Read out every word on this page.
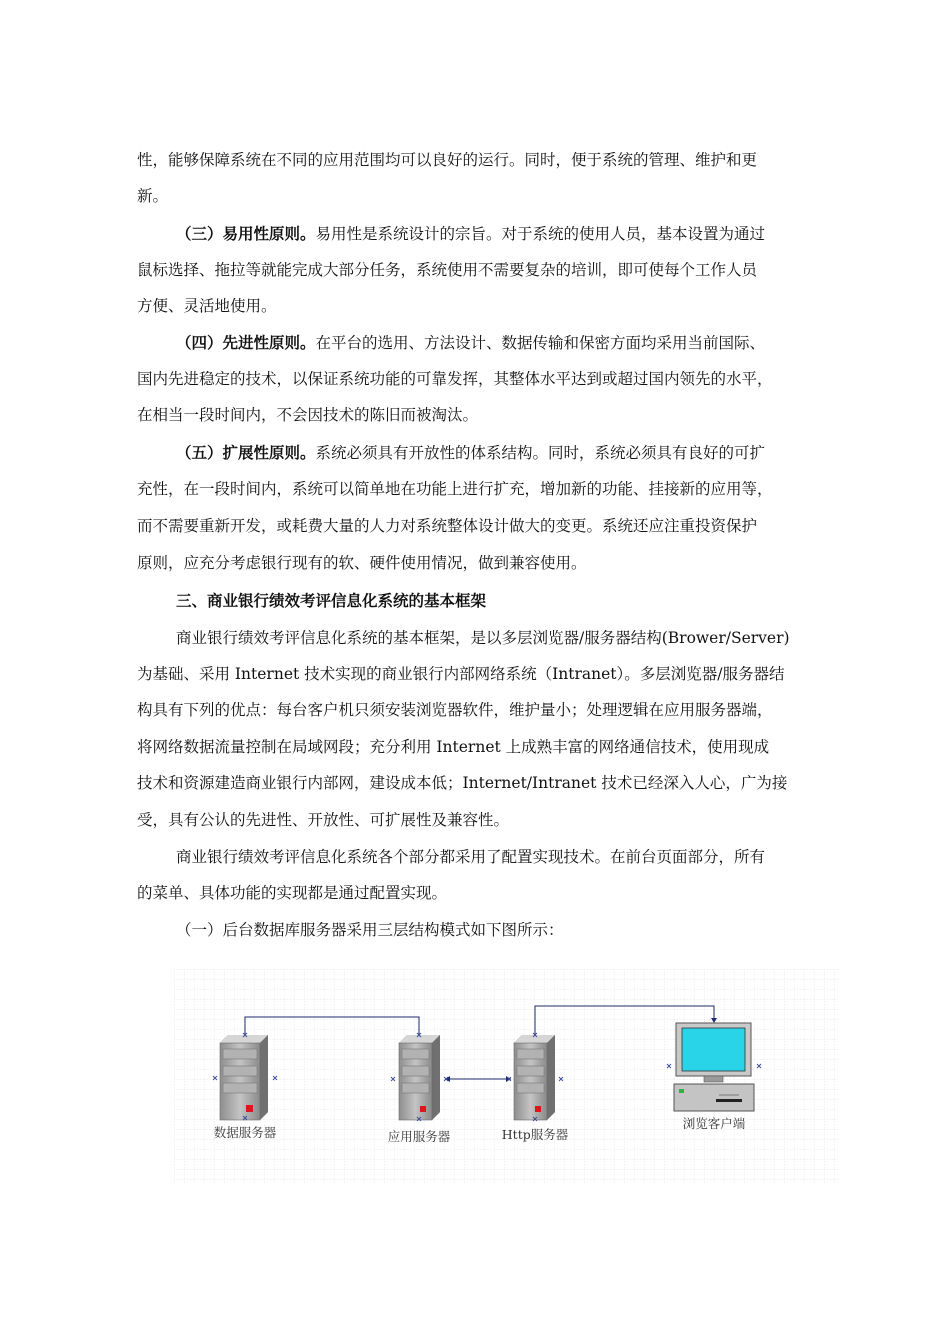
性，能够保障系统在不同的应用范围均可以良好的运行。同时，便于系统的管理、维护和更
新。
（三）易用性原则。易用性是系统设计的宗旨。对于系统的使用人员，基本设置为通过
鼠标选择、拖拉等就能完成大部分任务，系统使用不需要复杂的培训，即可使每个工作人员
方便、灵活地使用。
（四）先进性原则。在平台的选用、方法设计、数据传输和保密方面均采用当前国际、
国内先进稳定的技术，以保证系统功能的可靠发挥，其整体水平达到或超过国内领先的水平，
在相当一段时间内，不会因技术的陈旧而被淘汰。
（五）扩展性原则。系统必须具有开放性的体系结构。同时，系统必须具有良好的可扩
充性，在一段时间内，系统可以简单地在功能上进行扩充，增加新的功能、挂接新的应用等，
而不需要重新开发，或耗费大量的人力对系统整体设计做大的变更。系统还应注重投资保护
原则，应充分考虑银行现有的软、硬件使用情况，做到兼容使用。
三、商业银行绩效考评信息化系统的基本框架
商业银行绩效考评信息化系统的基本框架，是以多层浏览器/服务器结构(Brower/Server)
为基础、采用 Internet 技术实现的商业银行内部网络系统（Intranet）。多层浏览器/服务器结
构具有下列的优点：每台客户机只须安装浏览器软件，维护量小；处理逻辑在应用服务器端，
将网络数据流量控制在局域网段；充分利用 Internet 上成熟丰富的网络通信技术，使用现成
技术和资源建造商业银行内部网，建设成本低；Internet/Intranet 技术已经深入人心，广为接
受，具有公认的先进性、开放性、可扩展性及兼容性。
商业银行绩效考评信息化系统各个部分都采用了配置实现技术。在前台页面部分，所有
的菜单、具体功能的实现都是通过配置实现。
（一）后台数据库服务器采用三层结构模式如下图所示：
数据服务器	应用服务器	Http服务器
浏览客户端
